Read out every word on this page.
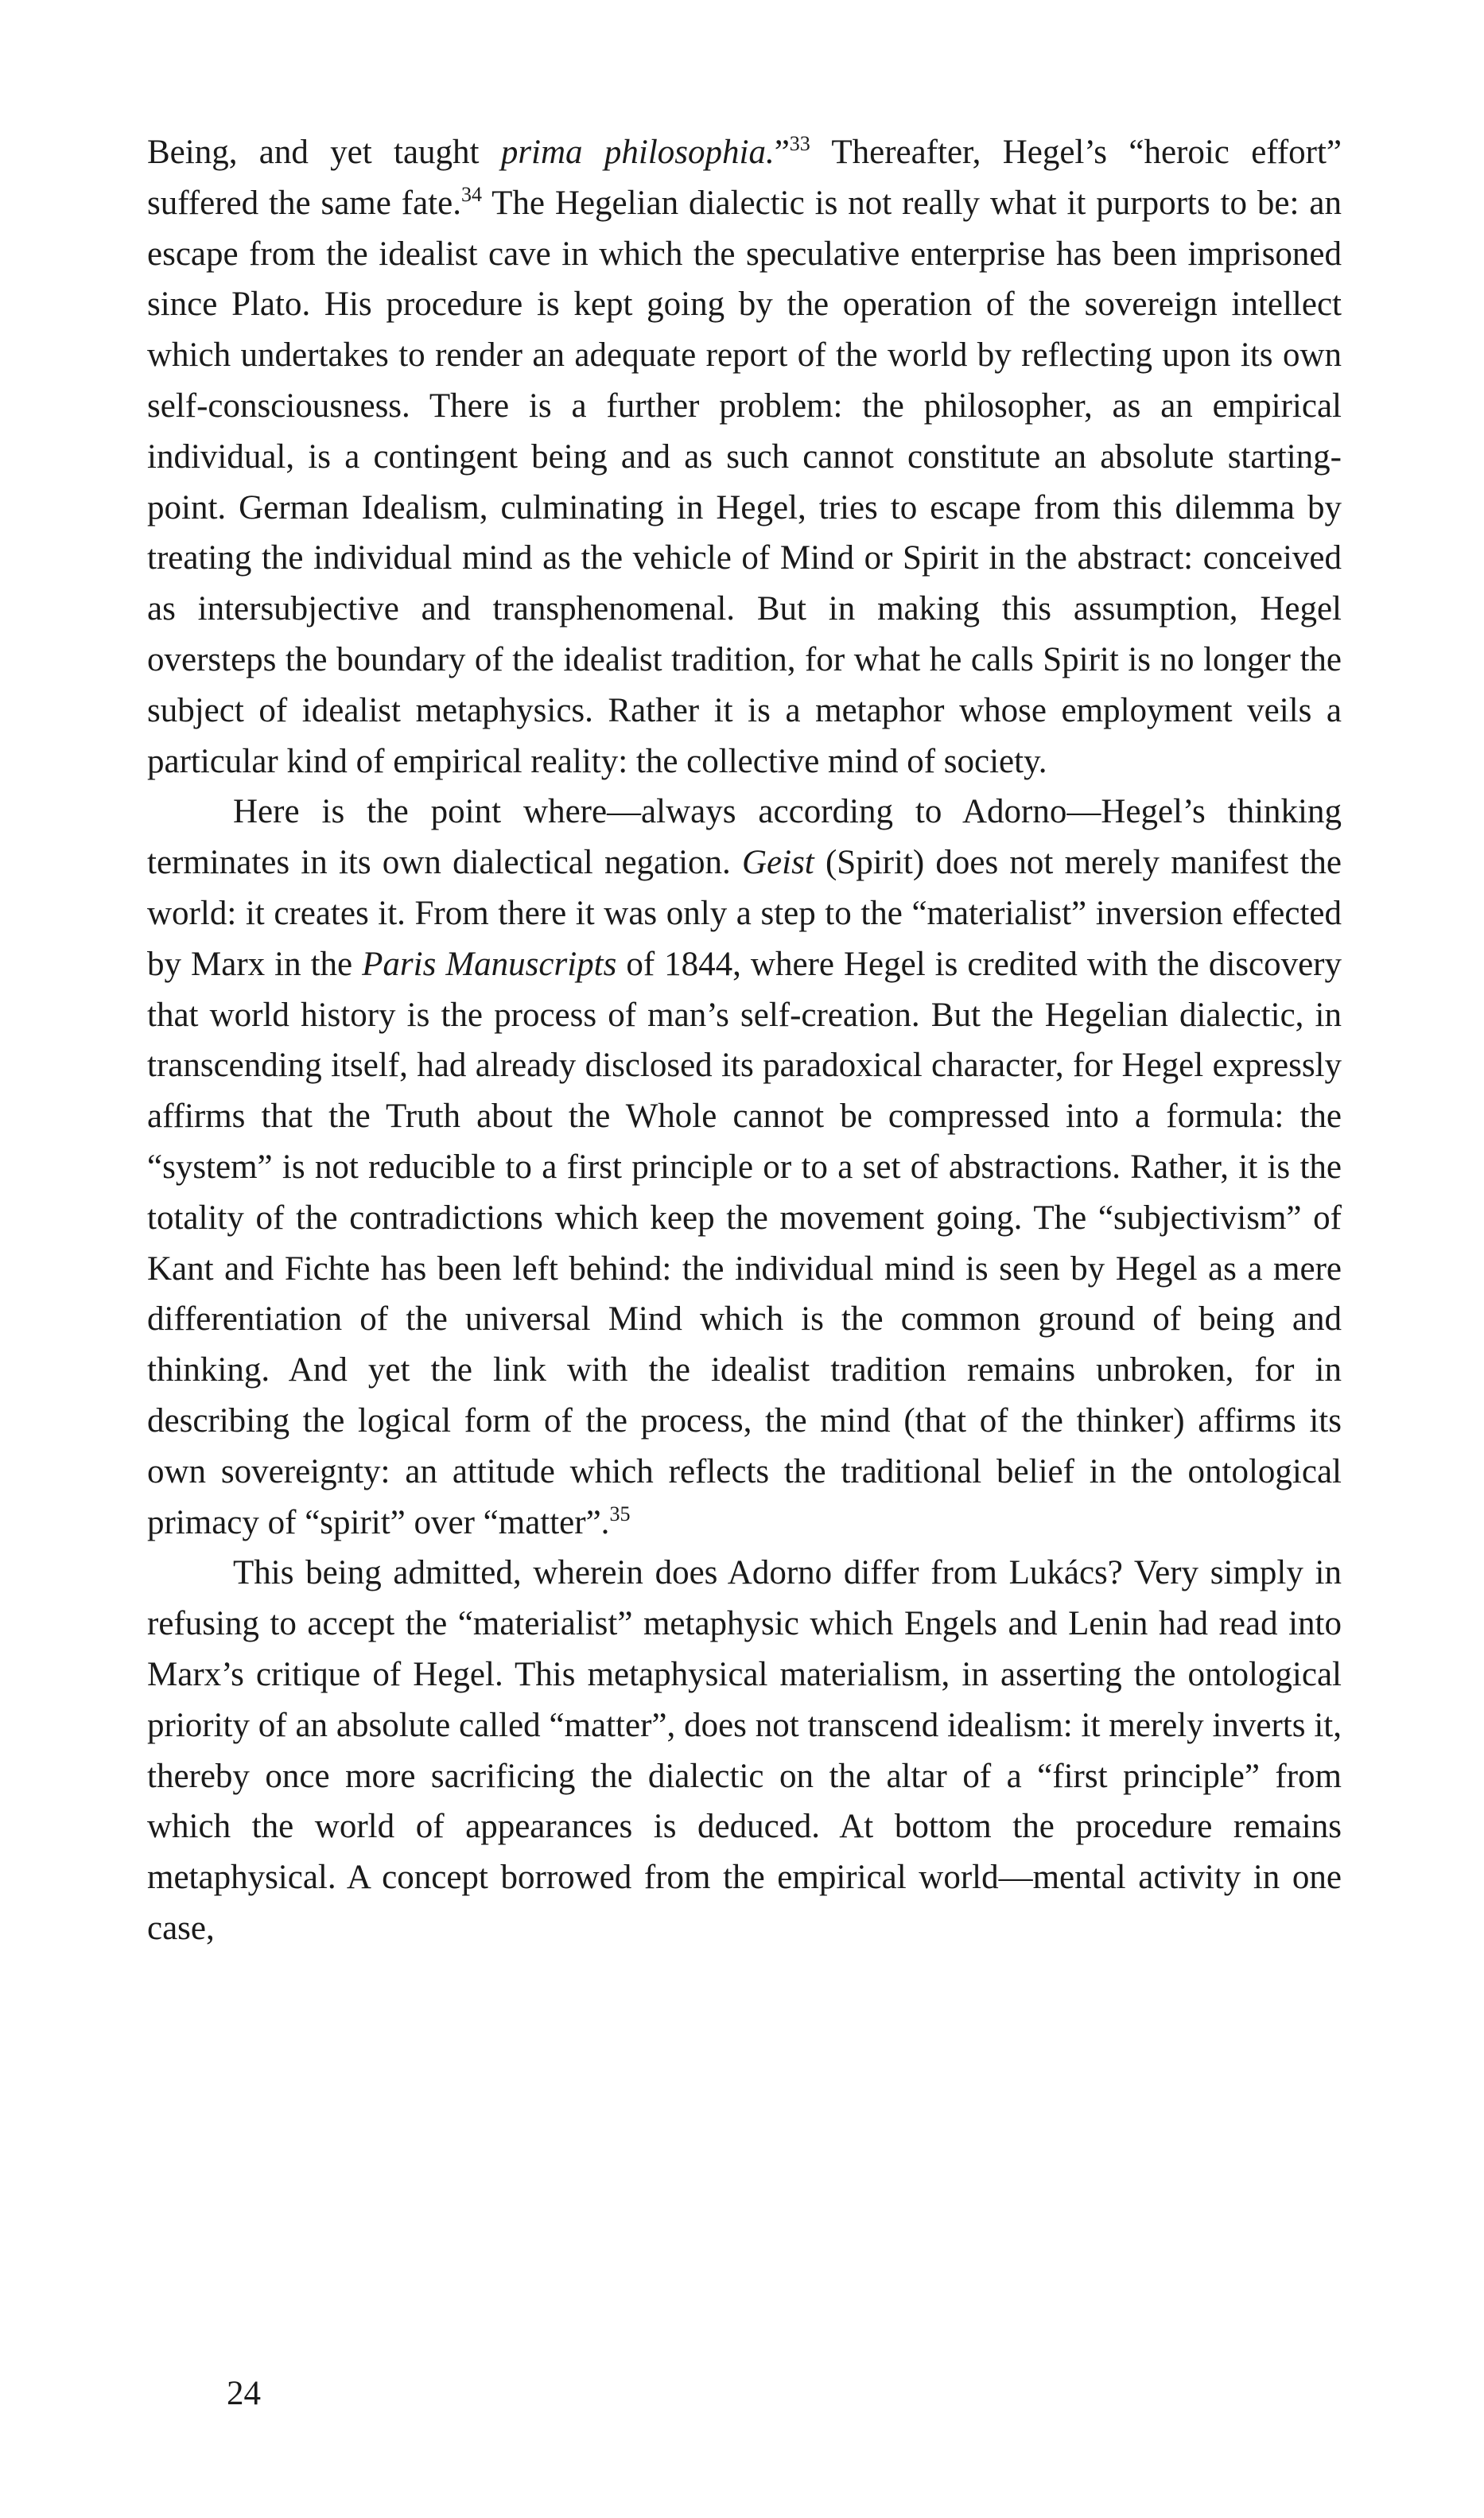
Being, and yet taught prima philosophia.”$^{33}$ Thereafter, Hegel’s “heroic effort” suffered the same fate.$^{34}$ The Hegelian dialectic is not really what it purports to be: an escape from the idealist cave in which the speculative enterprise has been imprisoned since Plato. His procedure is kept going by the operation of the sovereign intellect which undertakes to render an adequate report of the world by reflecting upon its own self-consciousness. There is a further problem: the philosopher, as an empirical individual, is a contingent being and as such cannot constitute an absolute starting-point. German Idealism, culminating in Hegel, tries to escape from this dilemma by treating the individual mind as the vehicle of Mind or Spirit in the abstract: conceived as intersubjective and transphenomenal. But in making this assumption, Hegel oversteps the boundary of the idealist tradition, for what he calls Spirit is no longer the subject of idealist metaphysics. Rather it is a metaphor whose employment veils a particular kind of empirical reality: the collective mind of society.

Here is the point where—always according to Adorno—Hegel’s thinking terminates in its own dialectical negation. Geist (Spirit) does not merely manifest the world: it creates it. From there it was only a step to the “materialist” inversion effected by Marx in the Paris Manuscripts of 1844, where Hegel is credited with the discovery that world history is the process of man’s self-creation. But the Hegelian dialectic, in transcending itself, had already disclosed its paradoxical character, for Hegel expressly affirms that the Truth about the Whole cannot be compressed into a formula: the “system” is not reducible to a first principle or to a set of abstractions. Rather, it is the totality of the contradictions which keep the movement going. The “subjectivism” of Kant and Fichte has been left behind: the individual mind is seen by Hegel as a mere differentiation of the universal Mind which is the common ground of being and thinking. And yet the link with the idealist tradition remains unbroken, for in describing the logical form of the process, the mind (that of the thinker) affirms its own sovereignty: an attitude which reflects the traditional belief in the ontological primacy of “spirit” over “matter”.$^{35}$

This being admitted, wherein does Adorno differ from Lukács? Very simply in refusing to accept the “materialist” metaphysic which Engels and Lenin had read into Marx’s critique of Hegel. This metaphysical materialism, in asserting the ontological priority of an absolute called “matter”, does not transcend idealism: it merely inverts it, thereby once more sacrificing the dialectic on the altar of a “first principle” from which the world of appearances is deduced. At bottom the procedure remains metaphysical. A concept borrowed from the empirical world—mental activity in one case,

24
